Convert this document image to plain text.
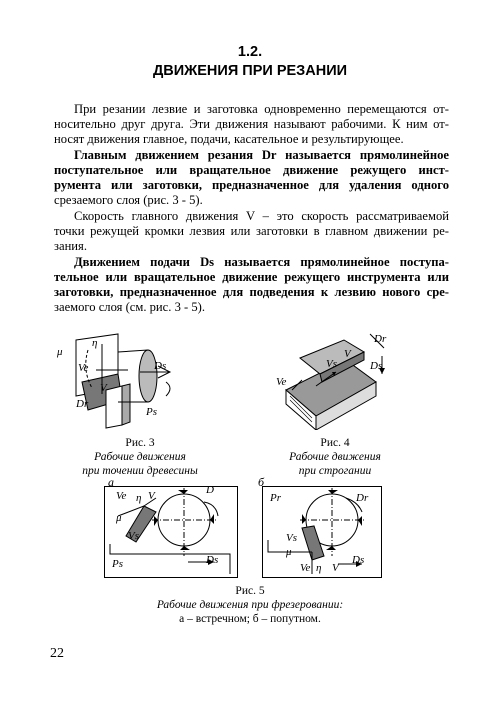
1.2.
ДВИЖЕНИЯ ПРИ РЕЗАНИИ
При резании лезвие и заготовка одновременно перемещаются от-
носительно друг друга. Эти движения называют рабочими. К ним от-
носят движения главное, подачи, касательное и результирующее.
Главным движением резания Dr называется прямолинейное
поступательное или вращательное движение режущего инст-
румента или заготовки, предназначенное для удаления одного
срезаемого слоя (рис. 3 - 5).
Скорость главного движения V – это скорость рассматриваемой
точки режущей кромки лезвия или заготовки в главном движении ре-
зания.
Движением подачи Ds называется прямолинейное поступа-
тельное или вращательное движение режущего инструмента или
заготовки, предназначенное для подведения к лезвию нового сре-
заемого слоя (см. рис. 3 - 5).
μ
η
Ve
V
Ds
Dr
Ps
Dr
Ds
Vs
V
Ve
Рис. 3
Рабочие движения
при точении древесины
Рис. 4
Рабочие движения
при строгании
а	б
Ve η V	D
μ
Vs
Ps	Ds
Pr	Dr
Vs
μ
Ve η V
Ds
Рис. 5
Рабочие движения при фрезеровании:
а – встречном; б – попутном.
22
